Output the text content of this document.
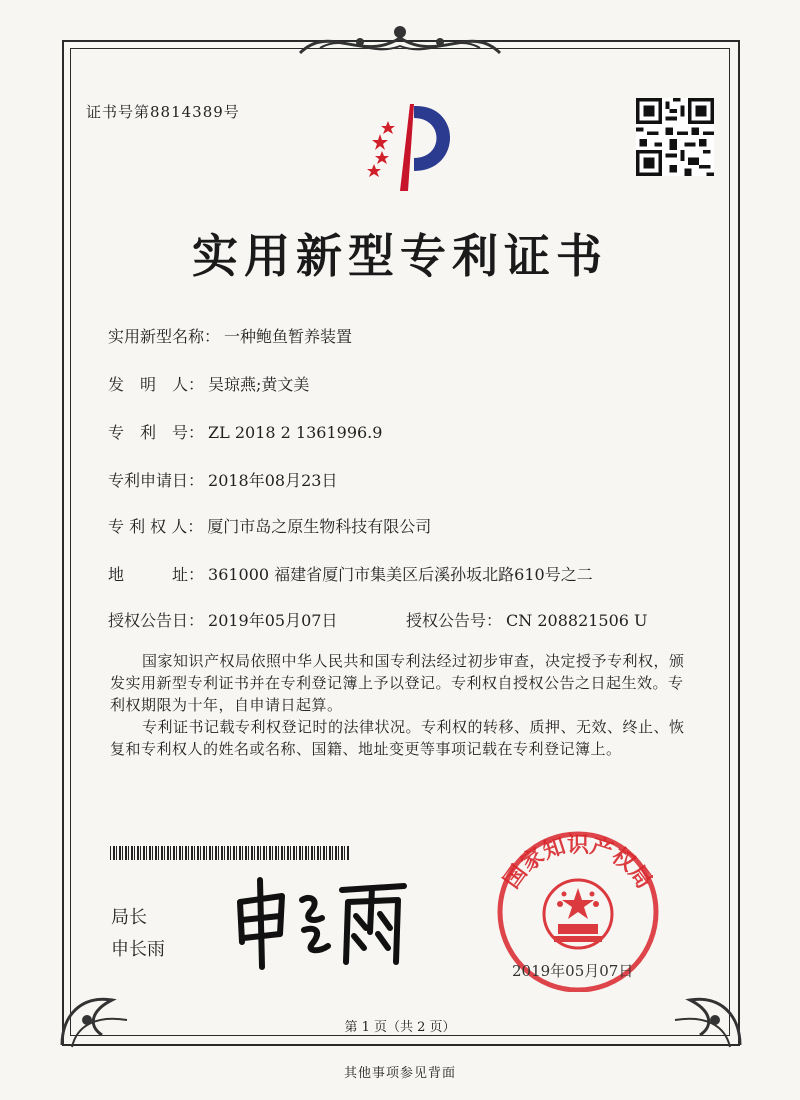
证书号第8814389号
实用新型专利证书
实用新型名称： 一种鲍鱼暂养装置
发　明　人： 吴琼燕;黄文美
专　利　号： ZL 2018 2 1361996.9
专利申请日： 2018年08月23日
专 利 权 人： 厦门市岛之原生物科技有限公司
地　　　址： 361000 福建省厦门市集美区后溪孙坂北路610号之二
授权公告日： 2019年05月07日	授权公告号： CN 208821506 U
国家知识产权局依照中华人民共和国专利法经过初步审查，决定授予专利权，颁发实用新型专利证书并在专利登记簿上予以登记。专利权自授权公告之日起生效。专利权期限为十年，自申请日起算。
专利证书记载专利权登记时的法律状况。专利权的转移、质押、无效、终止、恢复和专利权人的姓名或名称、国籍、地址变更等事项记载在专利登记簿上。
局长
申长雨
国家知识产权局
2019年05月07日
第 1 页（共 2 页）
其他事项参见背面
